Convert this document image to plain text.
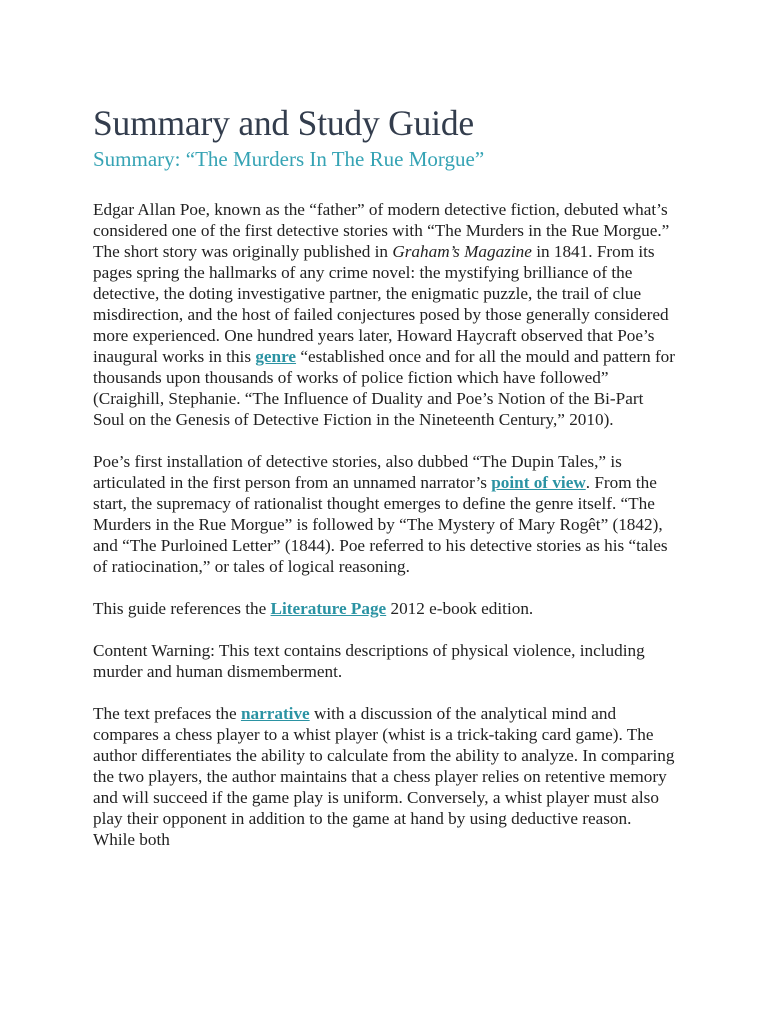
Summary and Study Guide
Summary: “The Murders In The Rue Morgue”

Edgar Allan Poe, known as the “father” of modern detective fiction, debuted what’s considered one of the first detective stories with “The Murders in the Rue Morgue.” The short story was originally published in Graham’s Magazine in 1841. From its pages spring the hallmarks of any crime novel: the mystifying brilliance of the detective, the doting investigative partner, the enigmatic puzzle, the trail of clue misdirection, and the host of failed conjectures posed by those generally considered more experienced. One hundred years later, Howard Haycraft observed that Poe’s inaugural works in this genre “established once and for all the mould and pattern for thousands upon thousands of works of police fiction which have followed” (Craighill, Stephanie. “The Influence of Duality and Poe’s Notion of the Bi-Part Soul on the Genesis of Detective Fiction in the Nineteenth Century,” 2010).

Poe’s first installation of detective stories, also dubbed “The Dupin Tales,” is articulated in the first person from an unnamed narrator’s point of view. From the start, the supremacy of rationalist thought emerges to define the genre itself. “The Murders in the Rue Morgue” is followed by “The Mystery of Mary Rogêt” (1842), and “The Purloined Letter” (1844). Poe referred to his detective stories as his “tales of ratiocination,” or tales of logical reasoning.

This guide references the Literature Page 2012 e-book edition.

Content Warning: This text contains descriptions of physical violence, including murder and human dismemberment.

The text prefaces the narrative with a discussion of the analytical mind and compares a chess player to a whist player (whist is a trick-taking card game). The author differentiates the ability to calculate from the ability to analyze. In comparing the two players, the author maintains that a chess player relies on retentive memory and will succeed if the game play is uniform. Conversely, a whist player must also play their opponent in addition to the game at hand by using deductive reason. While both
